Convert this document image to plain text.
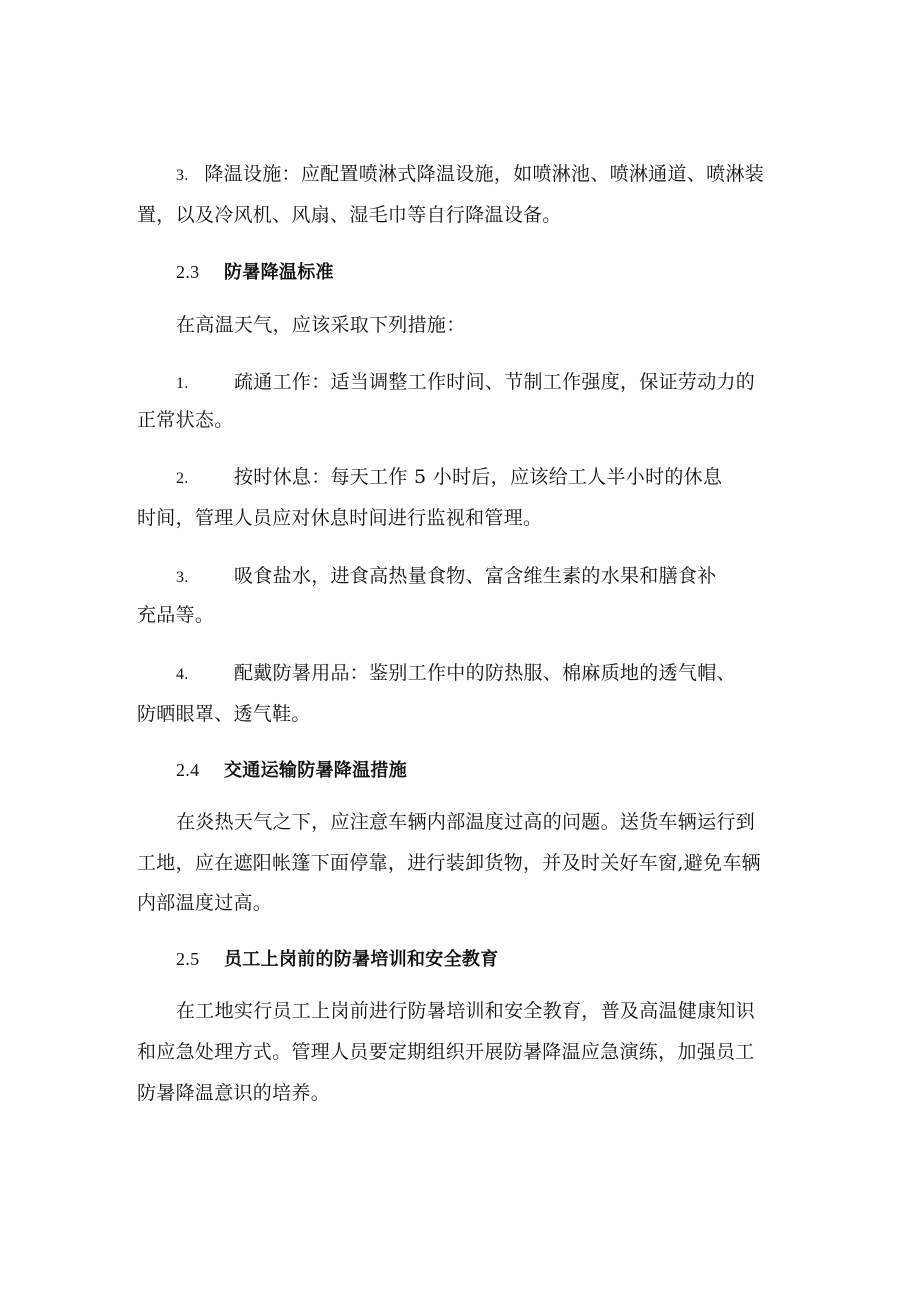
3. 降温设施：应配置喷淋式降温设施，如喷淋池、喷淋通道、喷淋装
置，以及冷风机、风扇、湿毛巾等自行降温设备。
2.3 防暑降温标准
在高温天气，应该采取下列措施：
1. 疏通工作：适当调整工作时间、节制工作强度，保证劳动力的
正常状态。
2. 按时休息：每天工作 5 小时后，应该给工人半小时的休息
时间，管理人员应对休息时间进行监视和管理。
3. 吸食盐水，进食高热量食物、富含维生素的水果和膳食补
充品等。
4. 配戴防暑用品：鉴别工作中的防热服、棉麻质地的透气帽、
防晒眼罩、透气鞋。
2.4 交通运输防暑降温措施
在炎热天气之下，应注意车辆内部温度过高的问题。送货车辆运行到
工地，应在遮阳帐篷下面停靠，进行装卸货物，并及时关好车窗,避免车辆
内部温度过高。
2.5 员工上岗前的防暑培训和安全教育
在工地实行员工上岗前进行防暑培训和安全教育，普及高温健康知识
和应急处理方式。管理人员要定期组织开展防暑降温应急演练，加强员工
防暑降温意识的培养。
